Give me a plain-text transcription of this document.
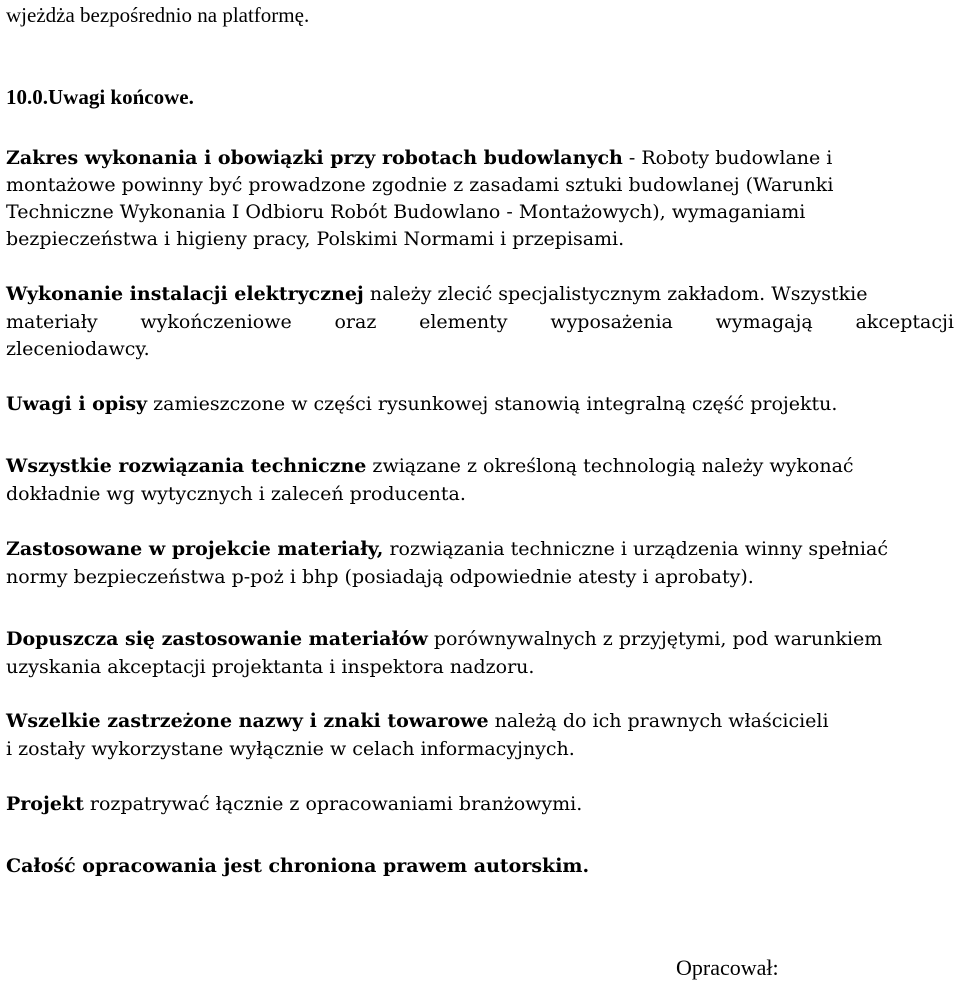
wjeżdża bezpośrednio na platformę.
10.0.Uwagi końcowe.
Zakres wykonania i obowiązki przy robotach budowlanych - Roboty budowlane i
montażowe powinny być prowadzone zgodnie z zasadami sztuki budowlanej (Warunki
Techniczne Wykonania I Odbioru Robót Budowlano - Montażowych), wymaganiami
bezpieczeństwa i higieny pracy, Polskimi Normami i przepisami.
Wykonanie instalacji elektrycznej należy zlecić specjalistycznym zakładom. Wszystkie
materiały wykończeniowe oraz elementy wyposażenia wymagają akceptacji
zleceniodawcy.
Uwagi i opisy zamieszczone w części rysunkowej stanowią integralną część projektu.
Wszystkie rozwiązania techniczne związane z określoną technologią należy wykonać
dokładnie wg wytycznych i zaleceń producenta.
Zastosowane w projekcie materiały, rozwiązania techniczne i urządzenia winny spełniać
normy bezpieczeństwa p-poż i bhp (posiadają odpowiednie atesty i aprobaty).
Dopuszcza się zastosowanie materiałów porównywalnych z przyjętymi, pod warunkiem
uzyskania akceptacji projektanta i inspektora nadzoru.
Wszelkie zastrzeżone nazwy i znaki towarowe należą do ich prawnych właścicieli
i zostały wykorzystane wyłącznie w celach informacyjnych.
Projekt rozpatrywać łącznie z opracowaniami branżowymi.
Całość opracowania jest chroniona prawem autorskim.
Opracował:
